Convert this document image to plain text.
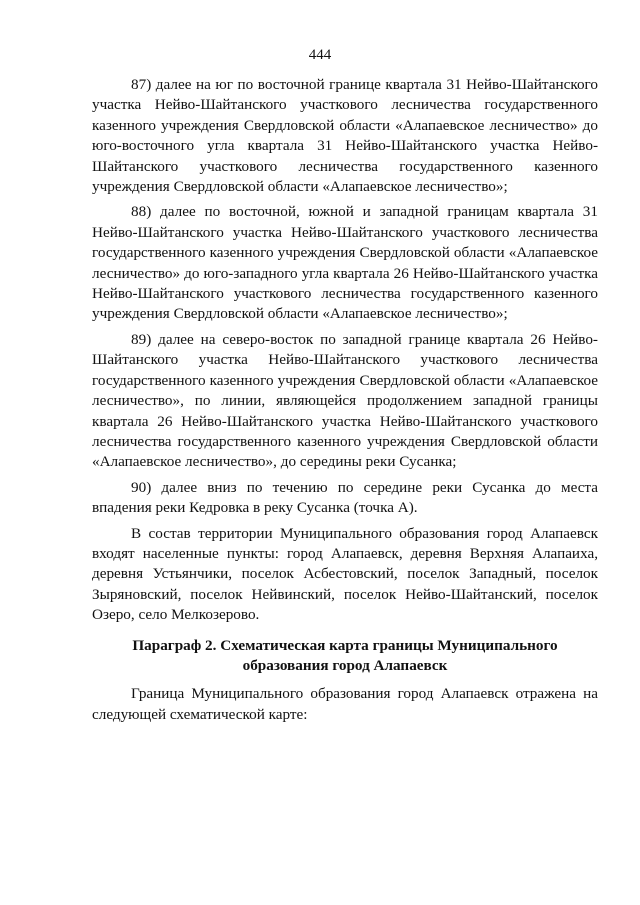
444

87) далее на юг по восточной границе квартала 31 Нейво-Шайтанского участка Нейво-Шайтанского участкового лесничества государственного казенного учреждения Свердловской области «Алапаевское лесничество» до юго-восточного угла квартала 31 Нейво-Шайтанского участка Нейво-Шайтанского участкового лесничества государственного казенного учреждения Свердловской области «Алапаевское лесничество»;

88) далее по восточной, южной и западной границам квартала 31 Нейво-Шайтанского участка Нейво-Шайтанского участкового лесничества государственного казенного учреждения Свердловской области «Алапаевское лесничество» до юго-западного угла квартала 26 Нейво-Шайтанского участка Нейво-Шайтанского участкового лесничества государственного казенного учреждения Свердловской области «Алапаевское лесничество»;

89) далее на северо-восток по западной границе квартала 26 Нейво-Шайтанского участка Нейво-Шайтанского участкового лесничества государственного казенного учреждения Свердловской области «Алапаевское лесничество», по линии, являющейся продолжением западной границы квартала 26 Нейво-Шайтанского участка Нейво-Шайтанского участкового лесничества государственного казенного учреждения Свердловской области «Алапаевское лесничество», до середины реки Сусанка;

90) далее вниз по течению по середине реки Сусанка до места впадения реки Кедровка в реку Сусанка (точка А).

В состав территории Муниципального образования город Алапаевск входят населенные пункты: город Алапаевск, деревня Верхняя Алапаиха, деревня Устьянчики, поселок Асбестовский, поселок Западный, поселок Зыряновский, поселок Нейвинский, поселок Нейво-Шайтанский, поселок Озеро, село Мелкозерово.

Параграф 2. Схематическая карта границы Муниципального образования город Алапаевск

Граница Муниципального образования город Алапаевск отражена на следующей схематической карте:
